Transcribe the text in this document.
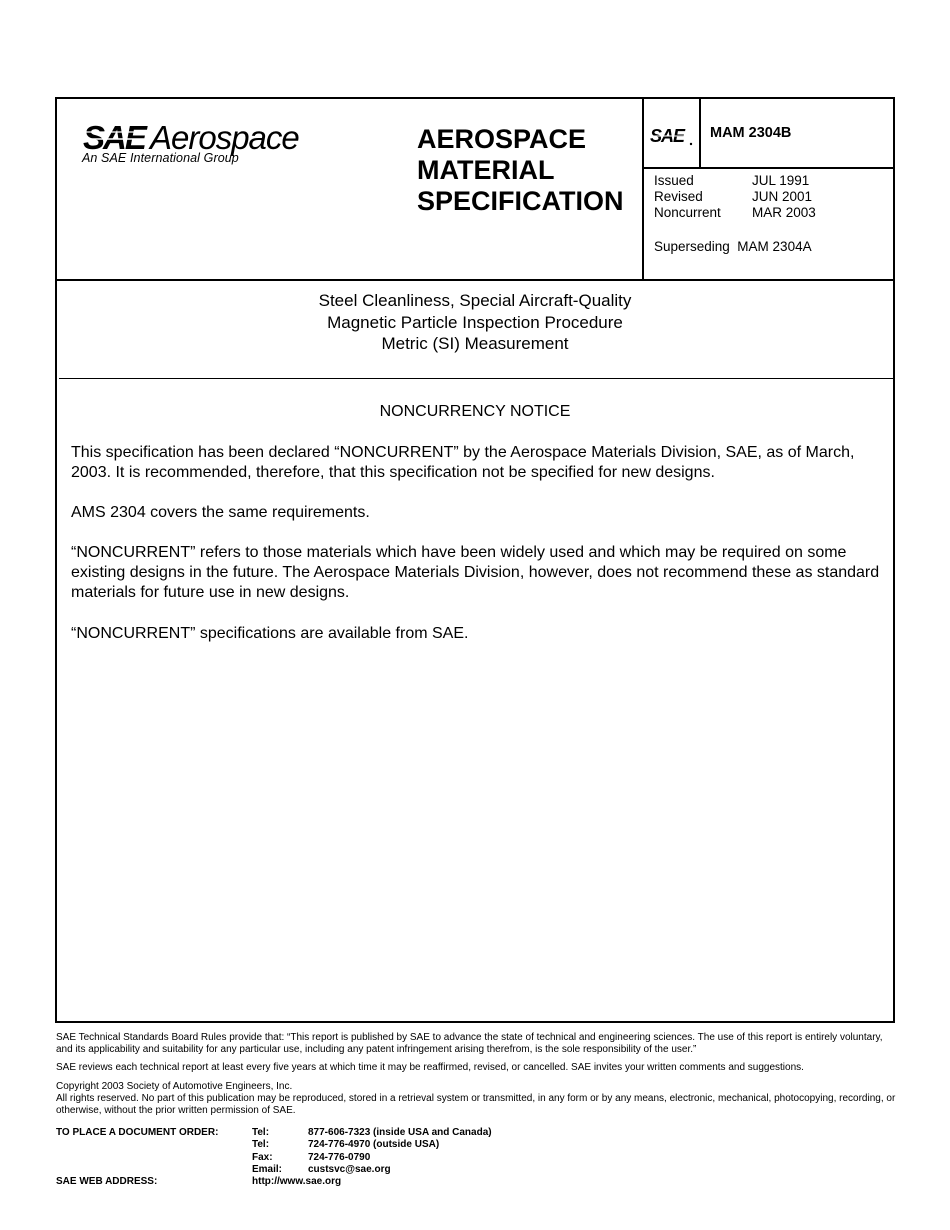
SAE Aerospace
An SAE International Group
AEROSPACE
MATERIAL
SPECIFICATION
SAE MAM 2304B
Issued	JUL 1991
Revised	JUN 2001
Noncurrent	MAR 2003
Superseding  MAM 2304A
Steel Cleanliness, Special Aircraft-Quality
Magnetic Particle Inspection Procedure
Metric (SI) Measurement
NONCURRENCY NOTICE
This specification has been declared “NONCURRENT” by the Aerospace Materials Division, SAE, as of March, 2003. It is recommended, therefore, that this specification not be specified for new designs.
AMS 2304 covers the same requirements.
“NONCURRENT” refers to those materials which have been widely used and which may be required on some existing designs in the future. The Aerospace Materials Division, however, does not recommend these as standard materials for future use in new designs.
“NONCURRENT” specifications are available from SAE.
SAE Technical Standards Board Rules provide that: “This report is published by SAE to advance the state of technical and engineering sciences. The use of this report is entirely voluntary, and its applicability and suitability for any particular use, including any patent infringement arising therefrom, is the sole responsibility of the user.”
SAE reviews each technical report at least every five years at which time it may be reaffirmed, revised, or cancelled. SAE invites your written comments and suggestions.
Copyright 2003 Society of Automotive Engineers, Inc.
All rights reserved. No part of this publication may be reproduced, stored in a retrieval system or transmitted, in any form or by any means, electronic, mechanical, photocopying, recording, or otherwise, without the prior written permission of SAE.
TO PLACE A DOCUMENT ORDER:	Tel:	877-606-7323 (inside USA and Canada)
Tel:	724-776-4970 (outside USA)
Fax:	724-776-0790
Email:	custsvc@sae.org
SAE WEB ADDRESS:	http://www.sae.org
